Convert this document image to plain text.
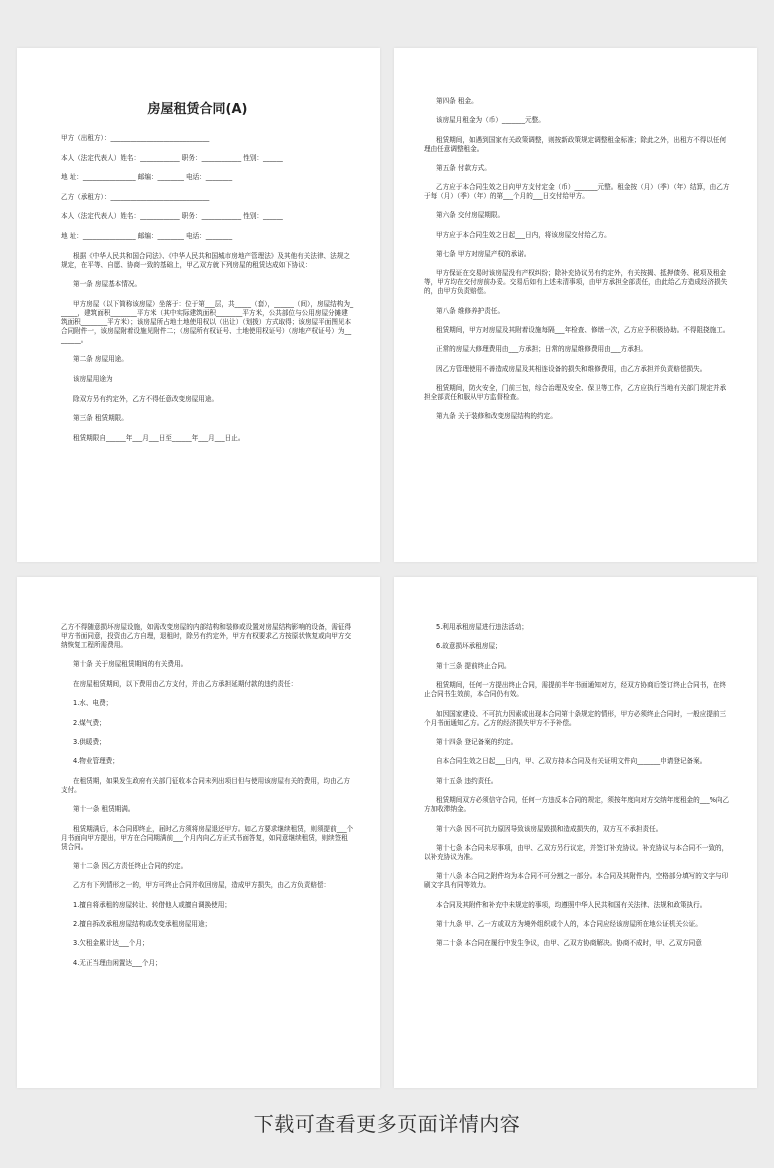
房屋租赁合同(A)
甲方（出租方）：______________________________
本人（法定代表人）姓名：____________ 职务：____________ 性别：______
地 址：________________ 邮编：________ 电话：________
乙方（承租方）：______________________________
本人（法定代表人）姓名：____________ 职务：____________ 性别：______
地 址：________________ 邮编：________ 电话：________
根据《中华人民共和国合同法》、《中华人民共和国城市房地产管理法》及其他有关法律、法规之规定，在平等、自愿、协商一致的基础上，甲乙双方就下列房屋的租赁达成如下协议：
第一条 房屋基本情况。
甲方房屋（以下简称该房屋）坐落于：位于第___层，共_____（套），______（间），房屋结构为______，建筑面积________平方米（其中实际建筑面积________平方米，公共部位与公用房屋分摊建筑面积________平方米）；该房屋所占地土地使用权以（出让）（划拨）方式取得；该房屋平面图见本合同附件一，该房屋附着设施见附件二；（房屋所有权证号、土地使用权证号）（房地产权证号）为________。
第二条 房屋用途。
该房屋用途为
除双方另有约定外，乙方不得任意改变房屋用途。
第三条 租赁期限。
租赁期限自______年___月___日至______年___月___日止。
第四条 租金。
该房屋月租金为（币）_______元整。
租赁期间，如遇到国家有关政策调整，则按新政策规定调整租金标准；除此之外，出租方不得以任何理由任意调整租金。
第五条 付款方式。
乙方应于本合同生效之日向甲方支付定金（币）_______元整。租金按（月）（季）（年）结算，由乙方于每（月）（季）（年）的第___个月的___日交付给甲方。
第六条 交付房屋期限。
甲方应于本合同生效之日起___日内，将该房屋交付给乙方。
第七条 甲方对房屋产权的承诺。
甲方保证在交易时该房屋没有产权纠纷；除补充协议另有约定外，有关按揭、抵押债务、税项及租金等，甲方均在交付房前办妥。交易后如有上述未清事项，由甲方承担全部责任，由此给乙方造成经济损失的，由甲方负责赔偿。
第八条 维修养护责任。
租赁期间，甲方对房屋及其附着设施每隔___年检查、修缮一次，乙方应予积极协助。不得阻挠施工。
正常的房屋大修理费用由___方承担；日常的房屋维修费用由___方承担。
因乙方管理使用不善造成房屋及其相连设备的损失和维修费用，由乙方承担并负责赔偿损失。
租赁期间，防火安全，门前三包，综合治理及安全、保卫等工作，乙方应执行当地有关部门规定并承担全部责任和服从甲方监督检查。
第九条 关于装修和改变房屋结构的约定。
乙方不得随意损坏房屋设施，如需改变房屋的内部结构和装修或设置对房屋结构影响的设备，需征得甲方书面同意，投资由乙方自理，退租时，除另有约定外，甲方有权要求乙方按原状恢复或向甲方交纳恢复工程所需费用。
第十条 关于房屋租赁期间的有关费用。
在房屋租赁期间，以下费用由乙方支付，并由乙方承担延期付款的违约责任：
1.水、电费；
2.煤气费；
3.供暖费；
4.物业管理费；
在租赁期，如果发生政府有关部门征收本合同未列出项目但与使用该房屋有关的费用，均由乙方支付。
第十一条 租赁期满。
租赁期满后，本合同即终止，届时乙方须将房屋退还甲方。如乙方要求继续租赁，则须提前___个月书面向甲方提出，甲方在合同期满前___个月内向乙方正式书面答复，如同意继续租赁，则续签租赁合同。
第十二条 因乙方责任终止合同的约定。
乙方有下列情形之一的，甲方可终止合同并收回房屋，造成甲方损失，由乙方负责赔偿：
1.擅自将承租的房屋转让、转借他人或擅自调换使用；
2.擅自拆改承租房屋结构或改变承租房屋用途；
3.欠租金累计达___个月；
4.无正当理由闲置达___个月；
5.利用承租房屋进行违法活动；
6.故意损坏承租房屋；
第十三条 提前终止合同。
租赁期间，任何一方提出终止合同，需提前半年书面通知对方，经双方协商后签订终止合同书，在终止合同书生效前，本合同仍有效。
如因国家建设、不可抗力因素或出现本合同第十条规定的情形，甲方必须终止合同时，一般应提前三个月书面通知乙方。乙方的经济损失甲方不予补偿。
第十四条 登记备案的约定。
自本合同生效之日起___日内，甲、乙双方持本合同及有关证明文件向_______申请登记备案。
第十五条 违约责任。
租赁期间双方必须信守合同，任何一方违反本合同的规定，须按年度向对方交纳年度租金的___%向乙方加收滞纳金。
第十六条 因不可抗力原因导致该房屋毁损和造成损失的，双方互不承担责任。
第十七条 本合同未尽事项，由甲、乙双方另行议定，并签订补充协议。补充协议与本合同不一致的，以补充协议为准。
第十八条 本合同之附件均为本合同不可分割之一部分。本合同及其附件内，空格部分填写的文字与印刷文字具有同等效力。
本合同及其附件和补充中未规定的事项，均遵照中华人民共和国有关法律、法规和政策执行。
第十九条 甲、乙一方或双方为境外组织或个人的，本合同应经该房屋所在地公证机关公证。
第二十条 本合同在履行中发生争议，由甲、乙双方协商解决。协商不成时，甲、乙双方同意
下载可查看更多页面详情内容
